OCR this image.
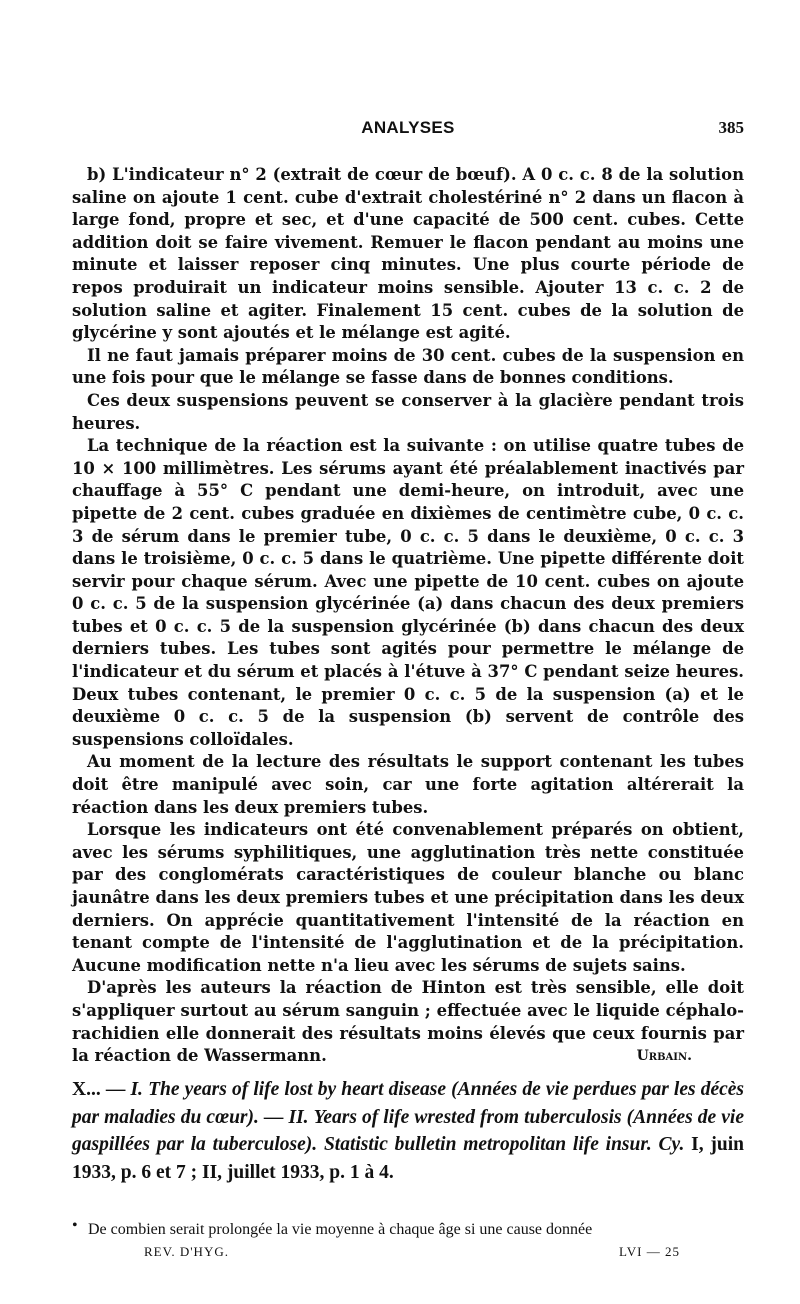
ANALYSES	385

b) L'indicateur n° 2 (extrait de cœur de bœuf). A 0 c. c. 8 de la solution saline on ajoute 1 cent. cube d'extrait cholestériné n° 2 dans un flacon à large fond, propre et sec, et d'une capacité de 500 cent. cubes. Cette addition doit se faire vivement. Remuer le flacon pendant au moins une minute et laisser reposer cinq minutes. Une plus courte période de repos produirait un indicateur moins sensible. Ajouter 13 c. c. 2 de solution saline et agiter. Finalement 15 cent. cubes de la solution de glycérine y sont ajoutés et le mélange est agité.

Il ne faut jamais préparer moins de 30 cent. cubes de la suspension en une fois pour que le mélange se fasse dans de bonnes conditions.

Ces deux suspensions peuvent se conserver à la glacière pendant trois heures.

La technique de la réaction est la suivante : on utilise quatre tubes de 10 × 100 millimètres. Les sérums ayant été préalablement inactivés par chauffage à 55° C pendant une demi-heure, on introduit, avec une pipette de 2 cent. cubes graduée en dixièmes de centimètre cube, 0 c. c. 3 de sérum dans le premier tube, 0 c. c. 5 dans le deuxième, 0 c. c. 3 dans le troisième, 0 c. c. 5 dans le quatrième. Une pipette différente doit servir pour chaque sérum. Avec une pipette de 10 cent. cubes on ajoute 0 c. c. 5 de la suspension glycérinée (a) dans chacun des deux premiers tubes et 0 c. c. 5 de la suspension glycérinée (b) dans chacun des deux derniers tubes. Les tubes sont agités pour permettre le mélange de l'indicateur et du sérum et placés à l'étuve à 37° C pendant seize heures. Deux tubes contenant, le premier 0 c. c. 5 de la suspension (a) et le deuxième 0 c. c. 5 de la suspension (b) servent de contrôle des suspensions colloïdales.

Au moment de la lecture des résultats le support contenant les tubes doit être manipulé avec soin, car une forte agitation altérerait la réaction dans les deux premiers tubes.

Lorsque les indicateurs ont été convenablement préparés on obtient, avec les sérums syphilitiques, une agglutination très nette constituée par des conglomérats caractéristiques de couleur blanche ou blanc jaunâtre dans les deux premiers tubes et une précipitation dans les deux derniers. On apprécie quantitativement l'intensité de la réaction en tenant compte de l'intensité de l'agglutination et de la précipitation. Aucune modification nette n'a lieu avec les sérums de sujets sains.

D'après les auteurs la réaction de Hinton est très sensible, elle doit s'appliquer surtout au sérum sanguin ; effectuée avec le liquide céphalo-rachidien elle donnerait des résultats moins élevés que ceux fournis par la réaction de Wassermann.	Urbain.
X... — I. The years of life lost by heart disease (Années de vie perdues par les décès par maladies du cœur). — II. Years of life wrested from tuberculosis (Années de vie gaspillées par la tuberculose). Statistic bulletin metropolitan life insur. Cy. I, juin 1933, p. 6 et 7 ; II, juillet 1933, p. 1 à 4.
• De combien serait prolongée la vie moyenne à chaque âge si une cause donnée
REV. D'HYG.	LVI — 25
